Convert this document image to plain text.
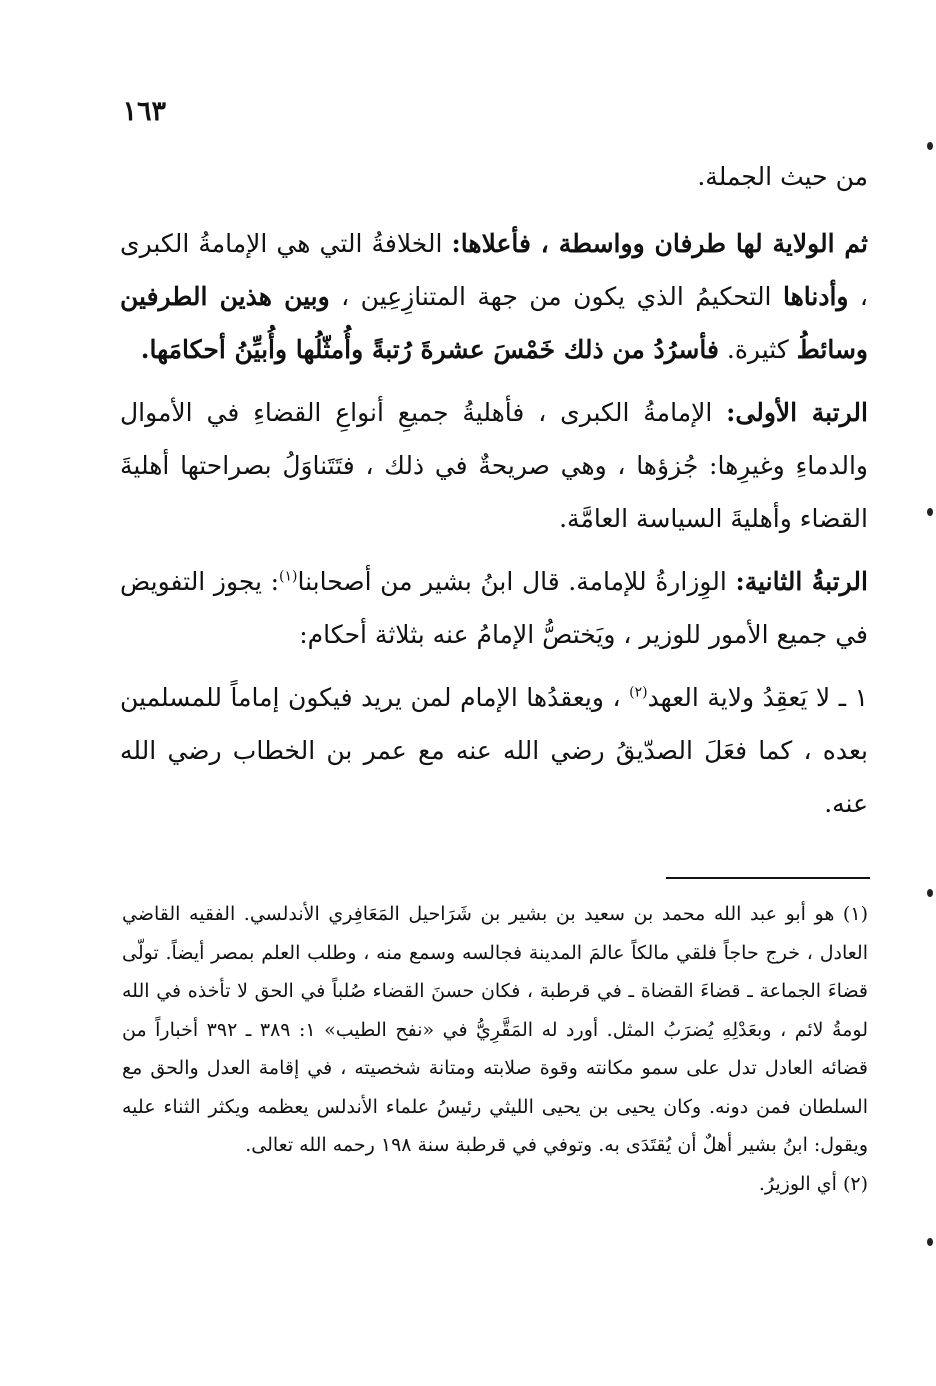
١٦٣

من حيث الجملة.

ثم الولاية لها طرفان وواسطة ، فأعلاها: الخلافةُ التي هي الإمامةُ الكبرى ، وأدناها التحكيمُ الذي يكون من جهة المتنازِعِين ، وبين هذين الطرفين وسائطُ كثيرة. فأسرُدُ من ذلك خَمْسَ عشرةَ رُتبةً وأُمثّلُها وأُبيِّنُ أحكامَها.

الرتبة الأولى: الإمامةُ الكبرى ، فأهليةُ جميعِ أنواعِ القضاءِ في الأموال والدماءِ وغيرِها: جُزؤها ، وهي صريحةٌ في ذلك ، فتَتَناوَلُ بصراحتها أهليةَ القضاء وأهليةَ السياسة العامَّة.

الرتبةُ الثانية: الوِزارةُ للإمامة. قال ابنُ بشير من أصحابنا$^{(١)}$: يجوز التفويض في جميع الأمور للوزير ، ويَختصُّ الإمامُ عنه بثلاثة أحكام:

١ ـ لا يَعقِدُ ولاية العهد$^{(٢)}$ ، ويعقدُها الإمام لمن يريد فيكون إماماً للمسلمين بعده ، كما فعَلَ الصدّيقُ رضي الله عنه مع عمر بن الخطاب رضي الله عنه.

(١) هو أبو عبد الله محمد بن سعيد بن بشير بن شَرَاحيل المَعَافِري الأندلسي. الفقيه القاضي العادل ، خرج حاجاً فلقي مالكاً عالمَ المدينة فجالسه وسمع منه ، وطلب العلم بمصر أيضاً. تولّى قضاءَ الجماعة ـ قضاءَ القضاة ـ في قرطبة ، فكان حسنَ القضاء صُلباً في الحق لا تأخذه في الله لومةُ لائم ، وبعَدْلِهِ يُضرَبُ المثل. أورد له المَقَّرِيُّ في «نفح الطيب» ١: ٣٨٩ ـ ٣٩٢ أخباراً من قضائه العادل تدل على سمو مكانته وقوة صلابته ومتانة شخصيته ، في إقامة العدل والحق مع السلطان فمن دونه. وكان يحيى بن يحيى الليثي رئيسُ علماء الأندلس يعظمه ويكثر الثناء عليه ويقول: ابنُ بشير أهلٌ أن يُقتَدَى به. وتوفي في قرطبة سنة ١٩٨ رحمه الله تعالى.

(٢) أي الوزيرُ.
